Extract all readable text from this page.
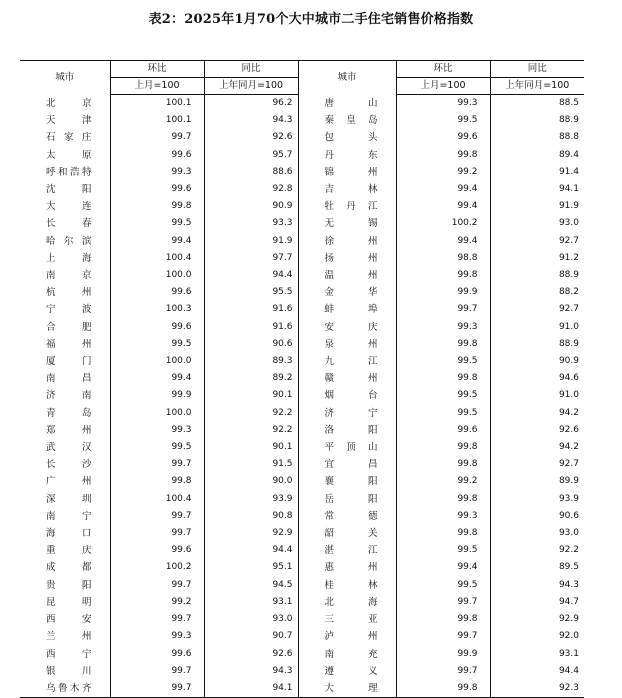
表2：2025年1月70个大中城市二手住宅销售价格指数
城市	环比	同比	城市	环比	同比
	上月=100	上年同月=100		上月=100	上年同月=100
北京	100.1	96.2	唐山	99.3	88.5
天津	100.1	94.3	秦皇岛	99.5	88.9
石家庄	99.7	92.6	包头	99.6	88.8
太原	99.6	95.7	丹东	99.8	89.4
呼和浩特	99.3	88.6	锦州	99.2	91.4
沈阳	99.6	92.8	吉林	99.4	94.1
大连	99.8	90.9	牡丹江	99.4	91.9
长春	99.5	93.3	无锡	100.2	93.0
哈尔滨	99.4	91.9	徐州	99.4	92.7
上海	100.4	97.7	扬州	98.8	91.2
南京	100.0	94.4	温州	99.8	88.9
杭州	99.6	95.5	金华	99.9	88.2
宁波	100.3	91.6	蚌埠	99.7	92.7
合肥	99.6	91.6	安庆	99.3	91.0
福州	99.5	90.6	泉州	99.8	88.9
厦门	100.0	89.3	九江	99.5	90.9
南昌	99.4	89.2	赣州	99.8	94.6
济南	99.9	90.1	烟台	99.5	91.0
青岛	100.0	92.2	济宁	99.5	94.2
郑州	99.3	92.2	洛阳	99.6	92.6
武汉	99.5	90.1	平顶山	99.8	94.2
长沙	99.7	91.5	宜昌	99.8	92.7
广州	99.8	90.0	襄阳	99.2	89.9
深圳	100.4	93.9	岳阳	99.8	93.9
南宁	99.7	90.8	常德	99.3	90.6
海口	99.7	92.9	韶关	99.8	93.0
重庆	99.6	94.4	湛江	99.5	92.2
成都	100.2	95.1	惠州	99.4	89.5
贵阳	99.7	94.5	桂林	99.5	94.3
昆明	99.2	93.1	北海	99.7	94.7
西安	99.7	93.0	三亚	99.8	92.9
兰州	99.3	90.7	泸州	99.7	92.0
西宁	99.6	92.6	南充	99.9	93.1
银川	99.7	94.3	遵义	99.7	94.4
乌鲁木齐	99.7	94.1	大理	99.8	92.3
